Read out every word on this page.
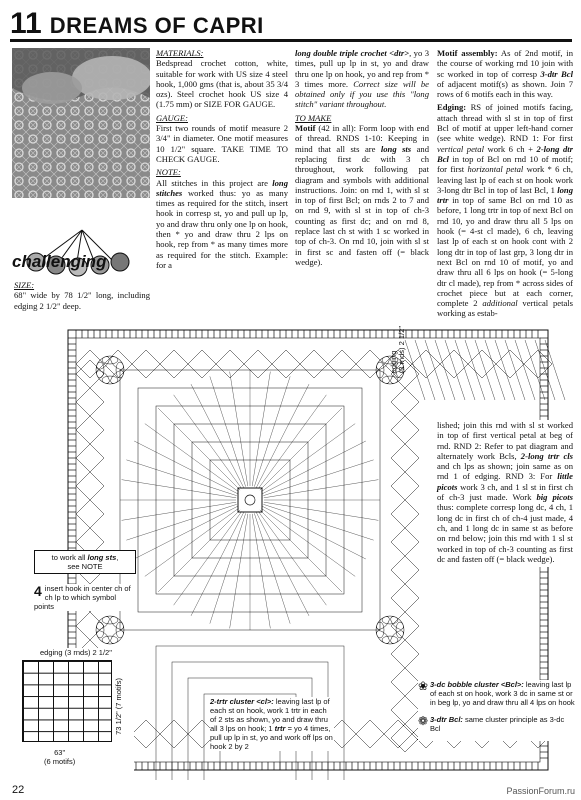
11 DREAMS OF CAPRI
challenging

SIZE:
68" wide by 78 1/2" long, including edging 2 1/2" deep.

MATERIALS:
Bedspread crochet cotton, white, suitable for work with US size 4 steel hook, 1,000 gms (that is, about 35 3/4 ozs). Steel crochet hook US size 4 (1.75 mm) or SIZE FOR GAUGE.

GAUGE:
First two rounds of motif measure 2 3/4" in diameter. One motif measures 10 1/2" square. TAKE TIME TO CHECK GAUGE.

NOTE:
All stitches in this project are long stitches worked thus: yo as many times as required for the stitch, insert hook in corresp st, yo and pull up lp, yo and draw thru only one lp on hook, then * yo and draw thru 2 lps on hook, rep from * as many times more as required for the stitch. Example: for a

long double triple crochet <dtr>, yo 3 times, pull up lp in st, yo and draw thru one lp on hook, yo and rep from * 3 times more. Correct size will be obtained only if you use this "long stitch" variant throughout.

TO MAKE
Motif (42 in all): Form loop with end of thread. RNDS 1-10: Keeping in mind that all sts are long sts and replacing first dc with 3 ch throughout, work following pat diagram and symbols with additional instructions. Join: on rnd 1, with sl st in top of first Bcl; on rnds 2 to 7 and on rnd 9, with sl st in top of ch-3 counting as first dc; and on rnd 8, replace last ch st with 1 sc worked in top of ch-3. On rnd 10, join with sl st in first sc and fasten off (= black wedge).

Motif assembly: As of 2nd motif, in the course of working rnd 10 join with sc worked in top of corresp 3-dtr Bcl of adjacent motif(s) as shown. Join 7 rows of 6 motifs each in this way.

Edging: RS of joined motifs facing, attach thread with sl st in top of first Bcl of motif at upper left-hand corner (see white wedge). RND 1: For first vertical petal work 6 ch + 2-long dtr Bcl in top of Bcl on rnd 10 of motif; for first horizontal petal work * 6 ch, leaving last lp of each st on hook work 3-long dtr Bcl in top of last Bcl, 1 long trtr in top of same Bcl on rnd 10 as before, 1 long trtr in top of next Bcl on rnd 10, yo and draw thru all 5 lps on hook (= 4-st cl made), 6 ch, leaving last lp of each st on hook cont with 2 long dtr in top of last grp, 3 long dtr in next Bcl on rnd 10 of motif, yo and draw thru all 6 lps on hook (= 5-long dtr cl made), rep from * across sides of crochet piece but at each corner, complete 2 additional vertical petals working as estab-

lished; join this rnd with sl st worked in top of first vertical petal at beg of rnd. RND 2: Refer to pat diagram and alternately work Bcls, 2-long trtr cls and ch lps as shown; join same as on rnd 1 of edging. RND 3: For little picots work 3 ch, and 1 sl st in first ch of ch-3 just made. Work big picots thus: complete corresp long dc, 4 ch, 1 long dc in first ch of ch-4 just made, 4 ch, and 1 long dc in same st as before on rnd below; join this rnd with 1 sl st worked in top of ch-3 counting as first dc and fasten off (= black wedge).

edging
(3 rnds) 2 1/2"
to work all long sts,
see NOTE
4 insert hook in center ch of ch lp to which symbol points
edging (3 rnds) 2 1/2"
73 1/2" (7 motifs)
63"
(6 motifs)
2-trtr cluster <cl>: leaving last lp of each st on hook, work 1 trtr in each of 2 sts as shown, yo and draw thru all 3 lps on hook; 1 trtr = yo 4 times, pull up lp in st, yo and work off lps on hook 2 by 2
❀ 3-dc bobble cluster <Bcl>: leaving last lp of each st on hook, work 3 dc in same st or in beg lp, yo and draw thru all 4 lps on hook
❁ 3-dtr Bcl: same cluster principle as 3-dc Bcl
22	PassionForum.ru
